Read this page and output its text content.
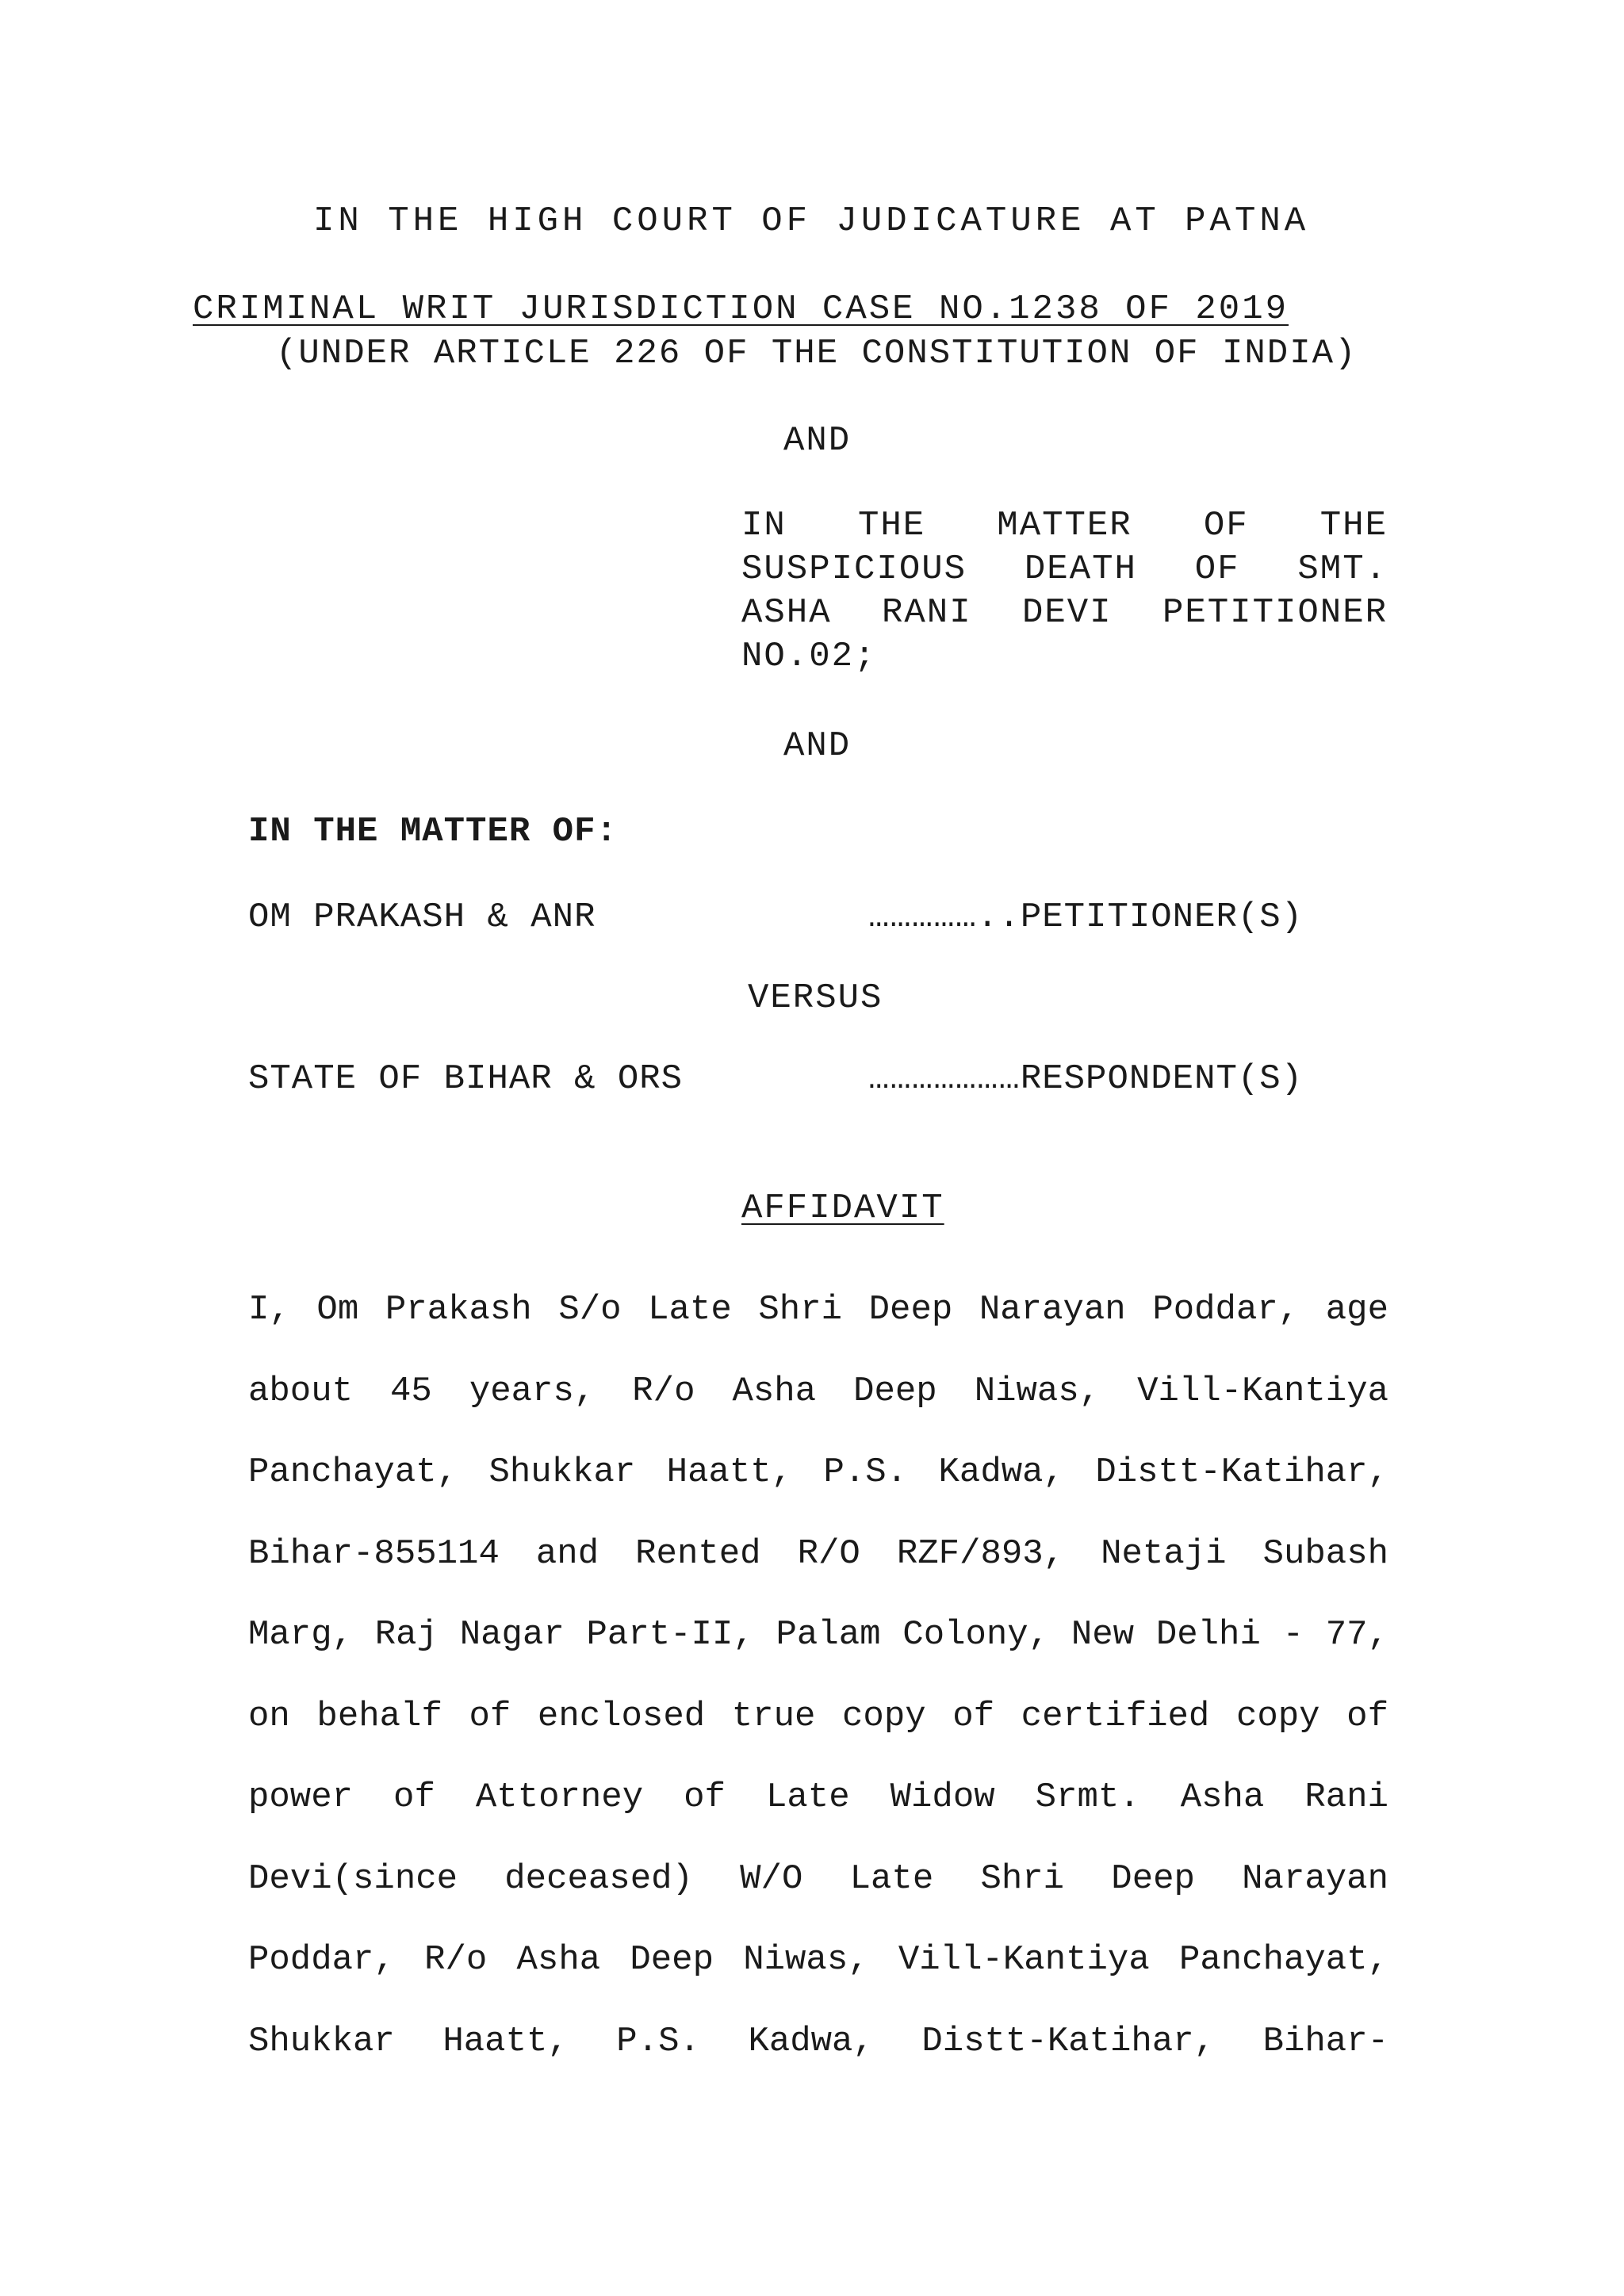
IN THE HIGH COURT OF JUDICATURE AT PATNA
CRIMINAL WRIT JURISDICTION CASE NO.1238 OF 2019
(UNDER ARTICLE 226 OF THE CONSTITUTION OF INDIA)
AND
IN THE MATTER OF THE SUSPICIOUS DEATH OF SMT. ASHA RANI DEVI PETITIONER NO.02;
AND
IN THE MATTER OF:
OM PRAKASH & ANR	……………..PETITIONER(S)
VERSUS
STATE OF BIHAR & ORS	…………………RESPONDENT(S)
AFFIDAVIT

I, Om Prakash S/o Late Shri Deep Narayan Poddar, age about 45 years, R/o Asha Deep Niwas, Vill-Kantiya Panchayat, Shukkar Haatt, P.S. Kadwa, Distt-Katihar, Bihar-855114 and Rented R/O RZF/893, Netaji Subash Marg, Raj Nagar Part-II, Palam Colony, New Delhi - 77, on behalf of enclosed true copy of certified copy of power of Attorney of Late Widow Srmt. Asha Rani Devi(since deceased) W/O Late Shri Deep Narayan Poddar, R/o Asha Deep Niwas, Vill-Kantiya Panchayat, Shukkar Haatt, P.S. Kadwa, Distt-Katihar, Bihar-
